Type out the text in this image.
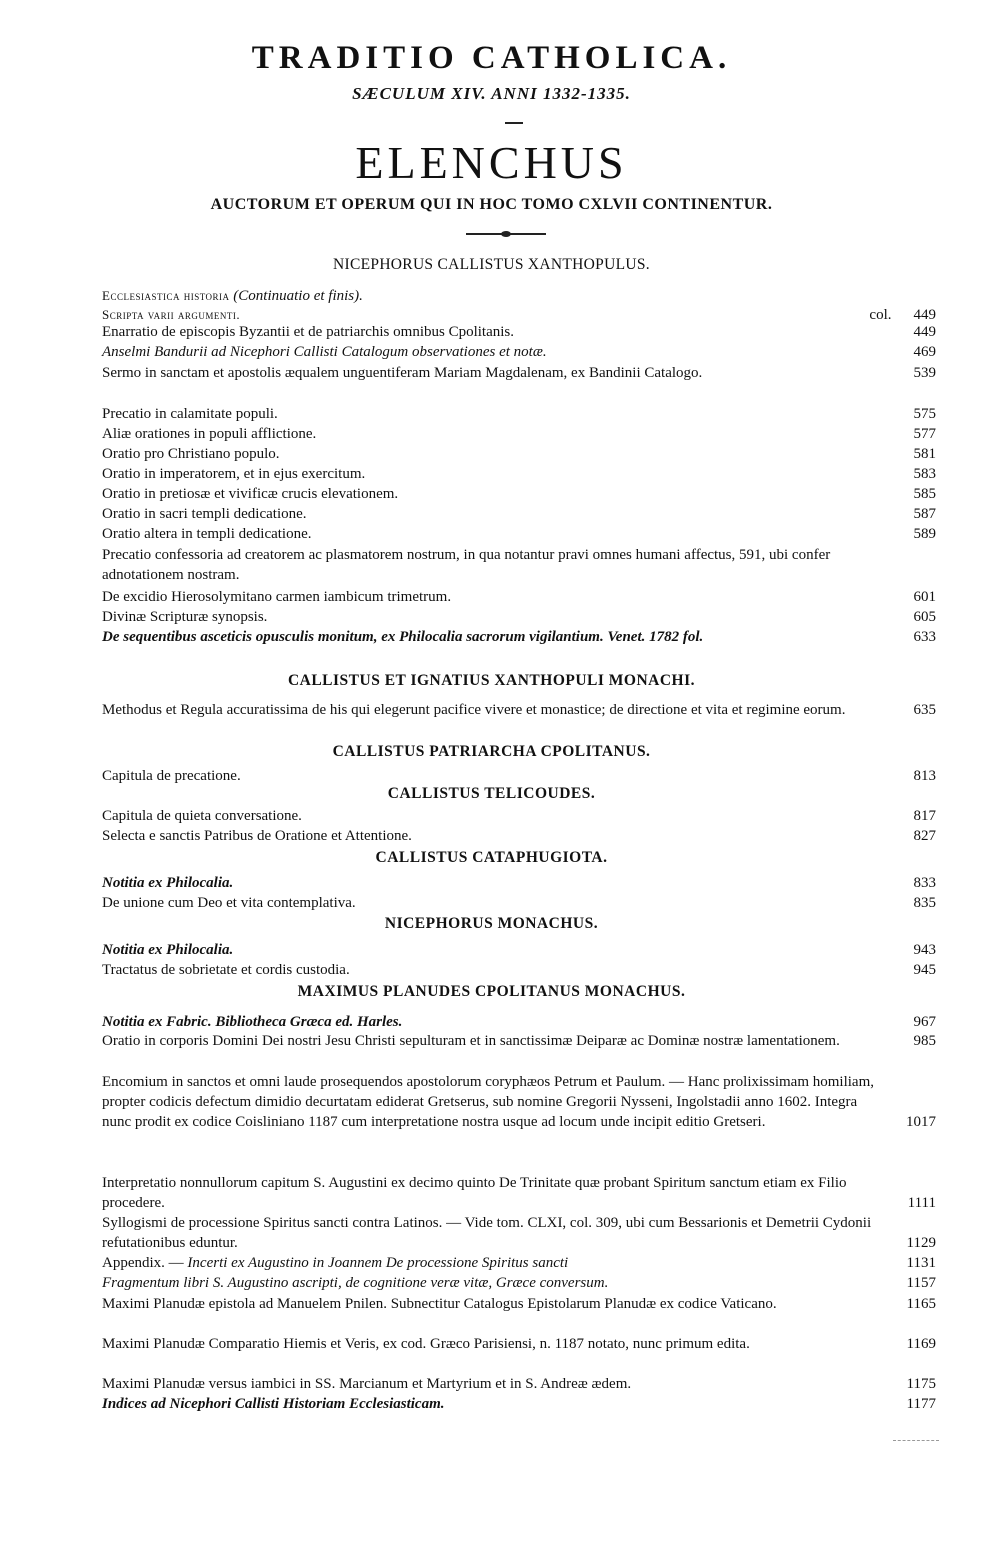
TRADITIO CATHOLICA.
SÆCULUM XIV. ANNI 1332-1335.
ELENCHUS
AUCTORUM ET OPERUM QUI IN HOC TOMO CXLVII CONTINENTUR.
NICEPHORUS CALLISTUS XANTHOPULUS.
Ecclesiastica historia (Continuatio et finis).
Scripta varii argumenti.	col. 449
Enarratio de episcopis Byzantii et de patriarchis omnibus Cpolitanis.	449
Anselmi Bandurii ad Nicephori Callisti Catalogum observationes et notæ.	469
Sermo in sanctam et apostolis æqualem unguentiferam Mariam Magdalenam, ex Bandinii Catalogo.	539
Precatio in calamitate populi.	575
Aliæ orationes in populi afflictione.	577
Oratio pro Christiano populo.	581
Oratio in imperatorem, et in ejus exercitum.	583
Oratio in pretiosæ et vivificæ crucis elevationem.	585
Oratio in sacri templi dedicatione.	587
Oratio altera in templi dedicatione.	589
Precatio confessoria ad creatorem ac plasmatorem nostrum, in qua notantur pravi omnes humani affectus, 591, ubi confer adnotationem nostram.
De excidio Hierosolymitano carmen iambicum trimetrum.	601
Divinæ Scripturæ synopsis.	605
De sequentibus asceticis opusculis monitum, ex Philocalia sacrorum vigilantium. Venet. 1782 fol.	633
CALLISTUS ET IGNATIUS XANTHOPULI MONACHI.
Methodus et Regula accuratissima de his qui elegerunt pacifice vivere et monastice; de directione et vita et regimine eorum.	635
CALLISTUS PATRIARCHA CPOLITANUS.
Capitula de precatione.	813
CALLISTUS TELICOUDES.
Capitula de quieta conversatione.	817
Selecta e sanctis Patribus de Oratione et Attentione.	827
CALLISTUS CATAPHUGIOTA.
Notitia ex Philocalia.	833
De unione cum Deo et vita contemplativa.	835
NICEPHORUS MONACHUS.
Notitia ex Philocalia.	943
Tractatus de sobrietate et cordis custodia.	945
MAXIMUS PLANUDES CPOLITANUS MONACHUS.
Notitia ex Fabric. Bibliotheca Græca ed. Harles.	967
Oratio in corporis Domini Dei nostri Jesu Christi sepulturam et in sanctissimæ Deiparæ ac Dominæ nostræ lamentationem.	985
Encomium in sanctos et omni laude prosequendos apostolorum coryphæos Petrum et Paulum. — Hanc prolixissimam homiliam, propter codicis defectum dimidio decurtatam ediderat Gretserus, sub nomine Gregorii Nysseni, Ingolstadii anno 1602. Integra nunc prodit ex codice Coisliniano 1187 cum interpretatione nostra usque ad locum unde incipit editio Gretseri.	1017
Interpretatio nonnullorum capitum S. Augustini ex decimo quinto De Trinitate quæ probant Spiritum sanctum etiam ex Filio procedere.	1111
Syllogismi de processione Spiritus sancti contra Latinos. — Vide tom. CLXI, col. 309, ubi cum Bessarionis et Demetrii Cydonii refutationibus eduntur.	1129
Appendix. — Incerti ex Augustino in Joannem De processione Spiritus sancti	1131
Fragmentum libri S. Augustino ascripti, de cognitione veræ vitæ, Græce conversum.	1157
Maximi Planudæ epistola ad Manuelem Pnilen. Subnectitur Catalogus Epistolarum Planudæ ex codice Vaticano.	1165
Maximi Planudæ Comparatio Hiemis et Veris, ex cod. Græco Parisiensi, n. 1187 notato, nunc primum edita.	1169
Maximi Planudæ versus iambici in SS. Marcianum et Martyrium et in S. Andreæ ædem.	1175
Indices ad Nicephori Callisti Historiam Ecclesiasticam.	1177
